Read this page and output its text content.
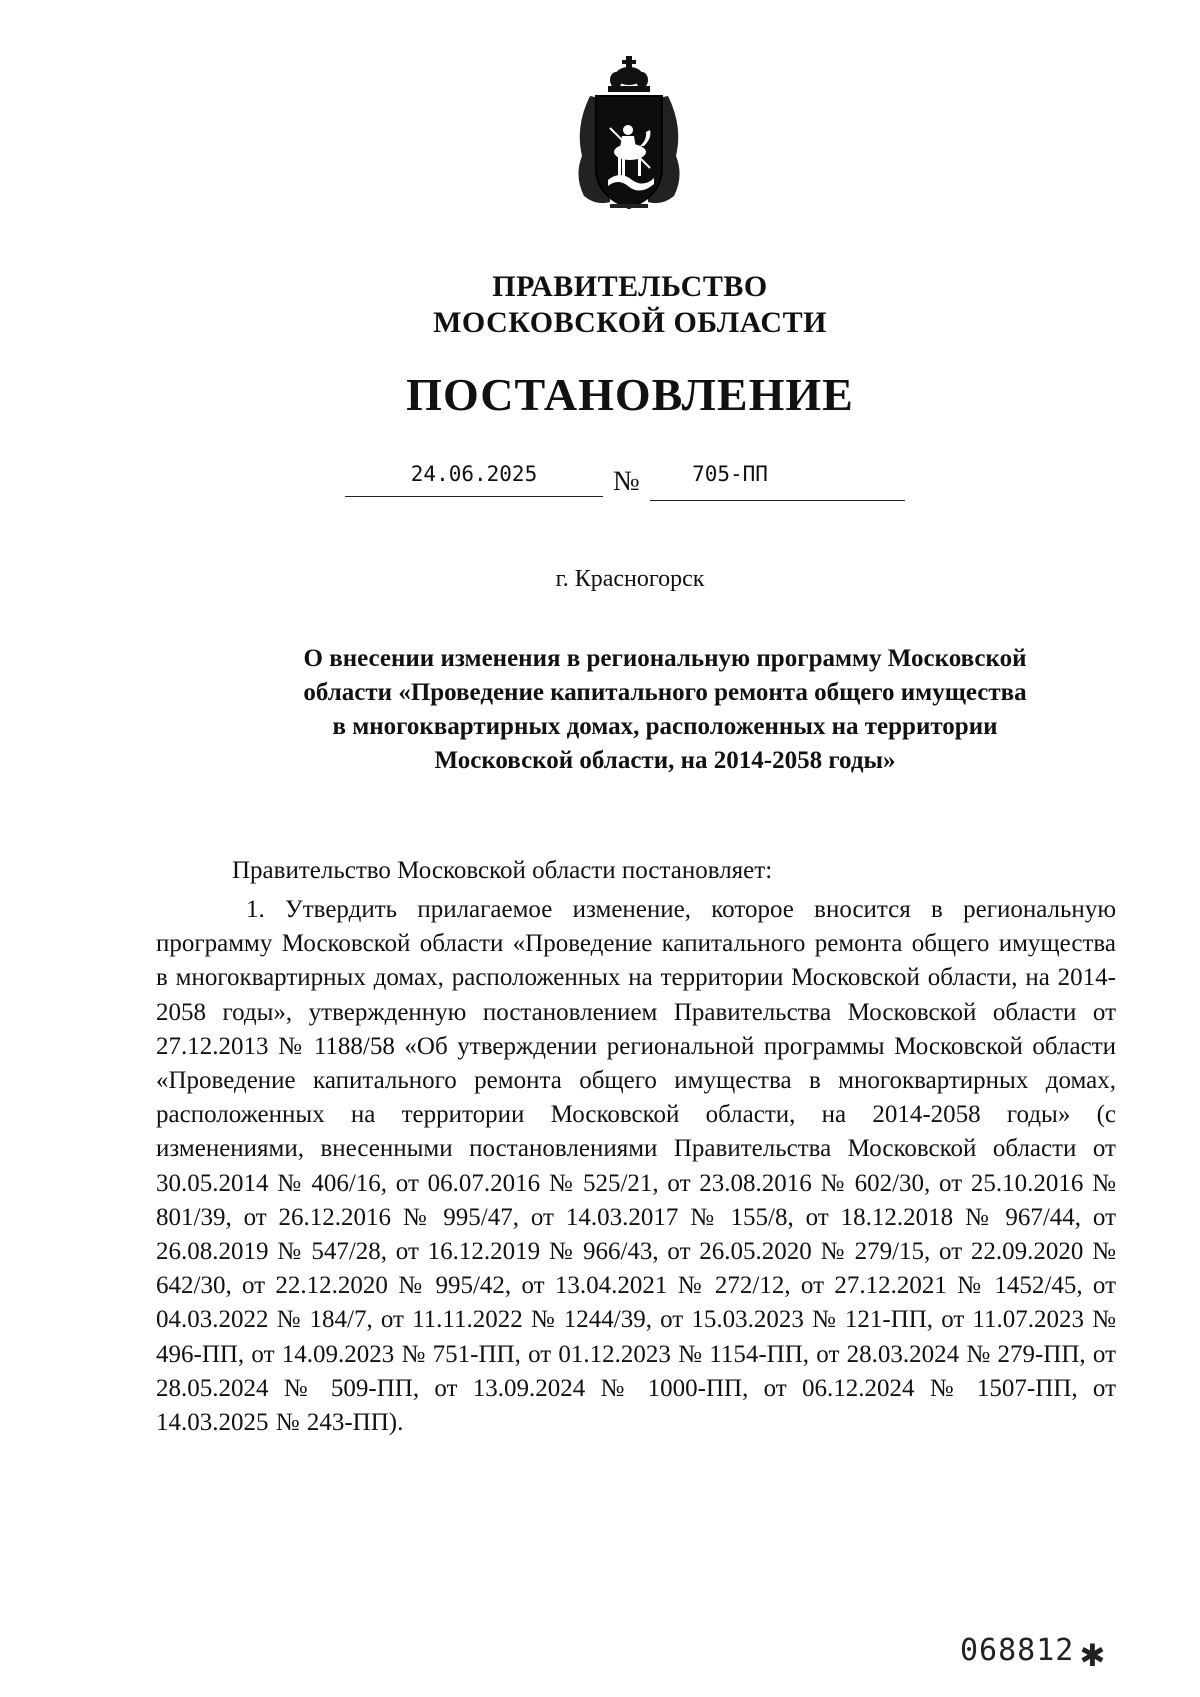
ПРАВИТЕЛЬСТВО
МОСКОВСКОЙ ОБЛАСТИ
ПОСТАНОВЛЕНИЕ
24.06.2025	№	705-ПП
г. Красногорск
О внесении изменения в региональную программу Московской
области «Проведение капитального ремонта общего имущества
в многоквартирных домах, расположенных на территории
Московской области, на 2014-2058 годы»
Правительство Московской области постановляет:
1. Утвердить прилагаемое изменение, которое вносится в региональную программу Московской области «Проведение капитального ремонта общего имущества в многоквартирных домах, расположенных на территории Московской области, на 2014-2058 годы», утвержденную постановлением Правительства Московской области от 27.12.2013 № 1188/58 «Об утверждении региональной программы Московской области «Проведение капитального ремонта общего имущества в многоквартирных домах, расположенных на территории Московской области, на 2014-2058 годы» (с изменениями, внесенными постановлениями Правительства Московской области от 30.05.2014 № 406/16, от 06.07.2016 № 525/21, от 23.08.2016 № 602/30, от 25.10.2016 № 801/39, от 26.12.2016 № 995/47, от 14.03.2017 № 155/8, от 18.12.2018 № 967/44, от 26.08.2019 № 547/28, от 16.12.2019 № 966/43, от 26.05.2020 № 279/15, от 22.09.2020 № 642/30, от 22.12.2020 № 995/42, от 13.04.2021 № 272/12, от 27.12.2021 № 1452/45, от 04.03.2022 № 184/7, от 11.11.2022 № 1244/39, от 15.03.2023 № 121-ПП, от 11.07.2023 № 496-ПП, от 14.09.2023 № 751-ПП, от 01.12.2023 № 1154-ПП, от 28.03.2024 № 279-ПП, от 28.05.2024 № 509-ПП, от 13.09.2024 № 1000-ПП, от 06.12.2024 № 1507-ПП, от 14.03.2025 № 243-ПП).
068812 ✱
